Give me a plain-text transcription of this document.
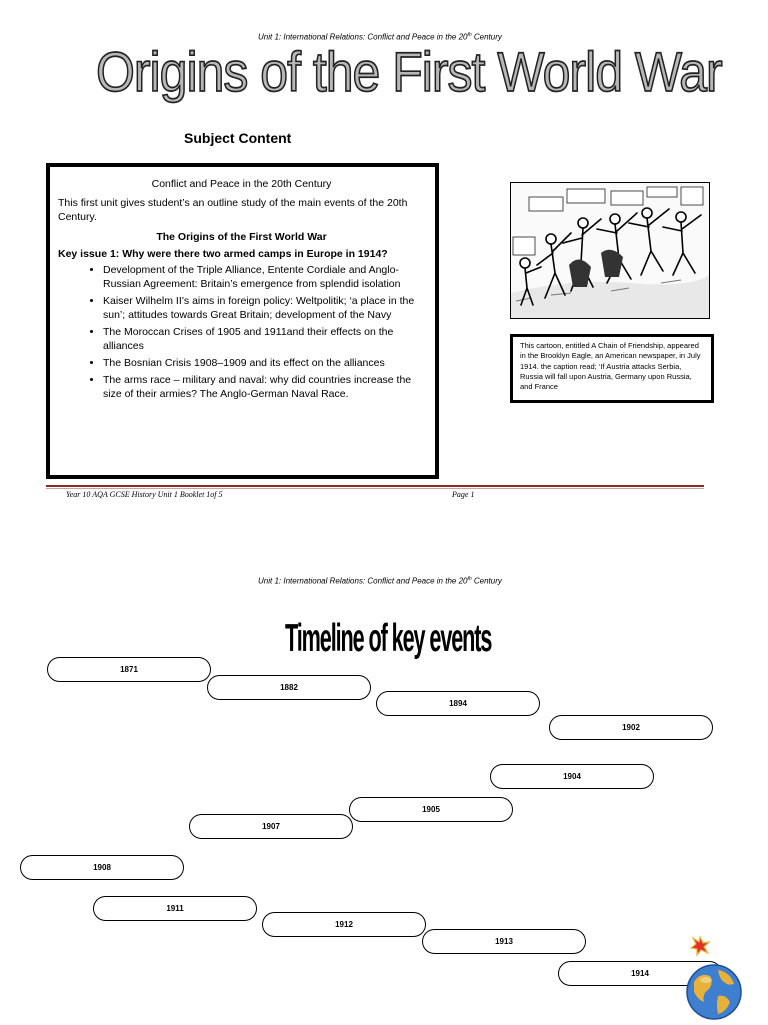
Unit 1: International Relations: Conflict and Peace in the 20th Century
Origins of the First World War
Subject Content
Conflict and Peace in the 20th Century
This first unit gives student’s an outline study of the main events of the 20th Century.
The Origins of the First World War
Key issue 1: Why were there two armed camps in Europe in 1914?
• Development of the Triple Alliance, Entente Cordiale and Anglo-Russian Agreement: Britain’s emergence from splendid isolation
• Kaiser Wilhelm II’s aims in foreign policy: Weltpolitik; ‘a place in the sun’; attitudes towards Great Britain; development of the Navy
• The Moroccan Crises of 1905 and 1911and their effects on the alliances
• The Bosnian Crisis 1908–1909 and its effect on the alliances
• The arms race – military and naval: why did countries increase the size of their armies? The Anglo-German Naval Race.
This cartoon, entitled A Chain of Friendship, appeared in the Brooklyn Eagle, an American newspaper, in July 1914. the caption read; ‘If Austria attacks Serbia, Russia will fall upon Austria, Germany upon Russia, and France
Year 10 AQA GCSE History Unit 1 Booklet 1of 5	Page 1
Unit 1: International Relations: Conflict and Peace in the 20th Century
Timeline of key events
1871
1882
1894
1902
1904
1905
1907
1908
1911
1912
1913
1914
